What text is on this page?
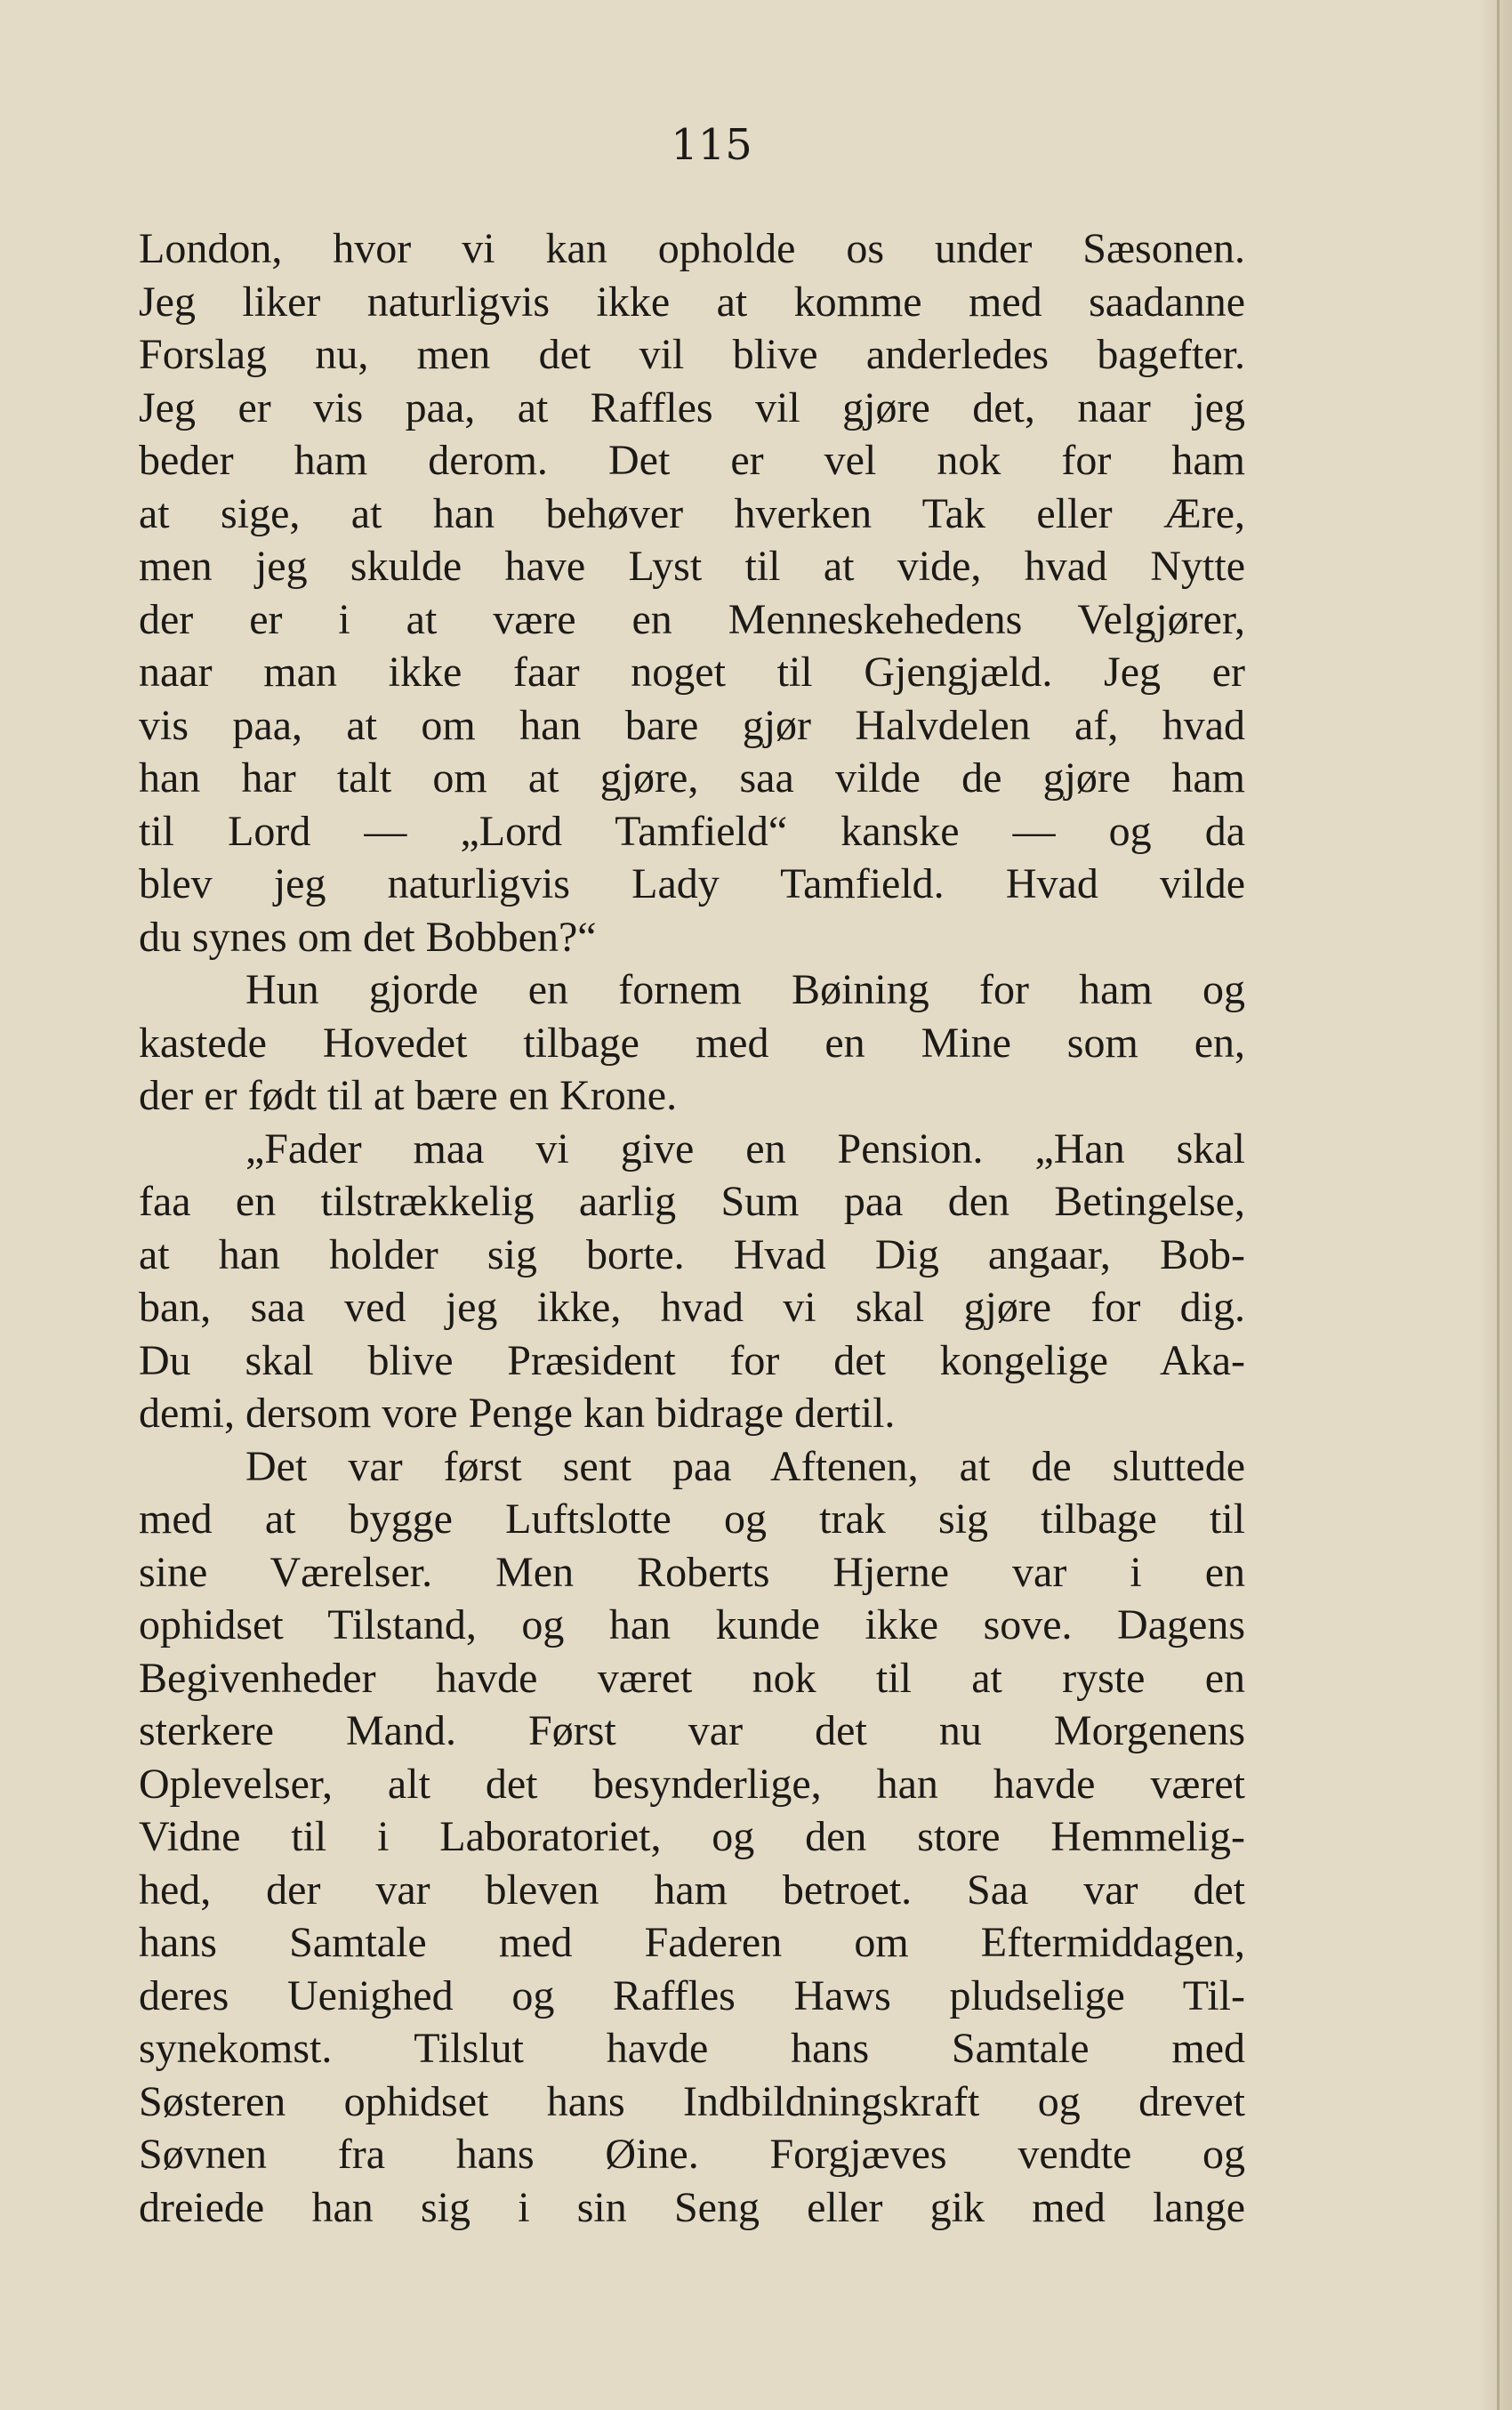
115
London, hvor vi kan opholde os under Sæsonen.
Jeg liker naturligvis ikke at komme med saadanne
Forslag nu, men det vil blive anderledes bagefter.
Jeg er vis paa, at Raffles vil gjøre det, naar jeg
beder ham derom. Det er vel nok for ham
at sige, at han behøver hverken Tak eller Ære,
men jeg skulde have Lyst til at vide, hvad Nytte
der er i at være en Menneskehedens Velgjører,
naar man ikke faar noget til Gjengjæld. Jeg er
vis paa, at om han bare gjør Halvdelen af, hvad
han har talt om at gjøre, saa vilde de gjøre ham
til Lord — „Lord Tamfield“ kanske — og da
blev jeg naturligvis Lady Tamfield. Hvad vilde
du synes om det Bobben?“
Hun gjorde en fornem Bøining for ham og
kastede Hovedet tilbage med en Mine som en,
der er født til at bære en Krone.
„Fader maa vi give en Pension. „Han skal
faa en tilstrækkelig aarlig Sum paa den Betingelse,
at han holder sig borte. Hvad Dig angaar, Bob-
ban, saa ved jeg ikke, hvad vi skal gjøre for dig.
Du skal blive Præsident for det kongelige Aka-
demi, dersom vore Penge kan bidrage dertil.
Det var først sent paa Aftenen, at de sluttede
med at bygge Luftslotte og trak sig tilbage til
sine Værelser. Men Roberts Hjerne var i en
ophidset Tilstand, og han kunde ikke sove. Dagens
Begivenheder havde været nok til at ryste en
sterkere Mand. Først var det nu Morgenens
Oplevelser, alt det besynderlige, han havde været
Vidne til i Laboratoriet, og den store Hemmelig-
hed, der var bleven ham betroet. Saa var det
hans Samtale med Faderen om Eftermiddagen,
deres Uenighed og Raffles Haws pludselige Til-
synekomst. Tilslut havde hans Samtale med
Søsteren ophidset hans Indbildningskraft og drevet
Søvnen fra hans Øine. Forgjæves vendte og
dreiede han sig i sin Seng eller gik med lange
